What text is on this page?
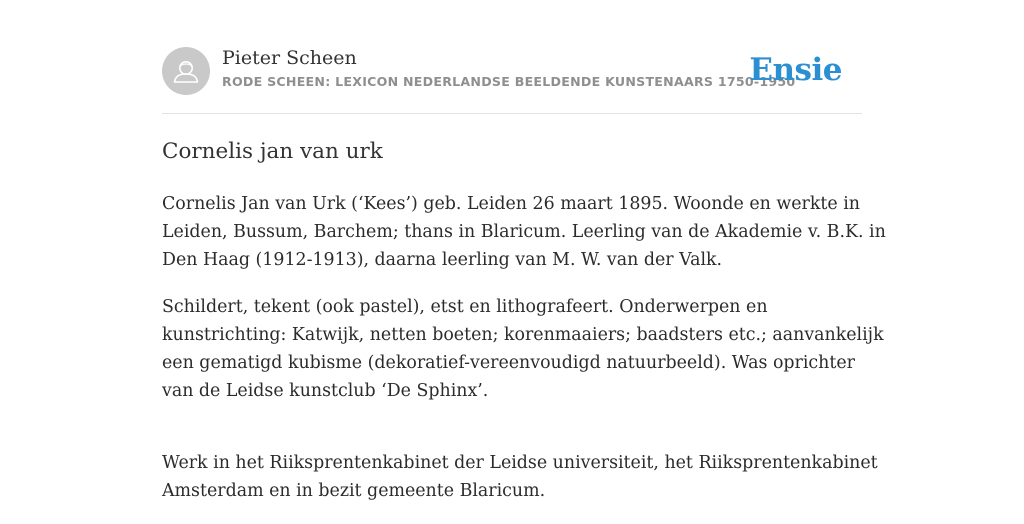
Pieter Scheen
RODE SCHEEN: LEXICON NEDERLANDSE BEELDENDE KUNSTENAARS 1750-1950
Ensie
Cornelis jan van urk

Cornelis Jan van Urk (‘Kees’) geb. Leiden 26 maart 1895. Woonde en werkte in
Leiden, Bussum, Barchem; thans in Blaricum. Leerling van de Akademie v. B.K. in
Den Haag (1912-1913), daarna leerling van M. W. van der Valk.

Schildert, tekent (ook pastel), etst en lithografeert. Onderwerpen en
kunstrichting: Katwijk, netten boeten; korenmaaiers; baadsters etc.; aanvankelijk
een gematigd kubisme (dekoratief-vereenvoudigd natuurbeeld). Was oprichter
van de Leidse kunstclub ‘De Sphinx’.

Werk in het Riiksprentenkabinet der Leidse universiteit, het Riiksprentenkabinet
Amsterdam en in bezit gemeente Blaricum.
